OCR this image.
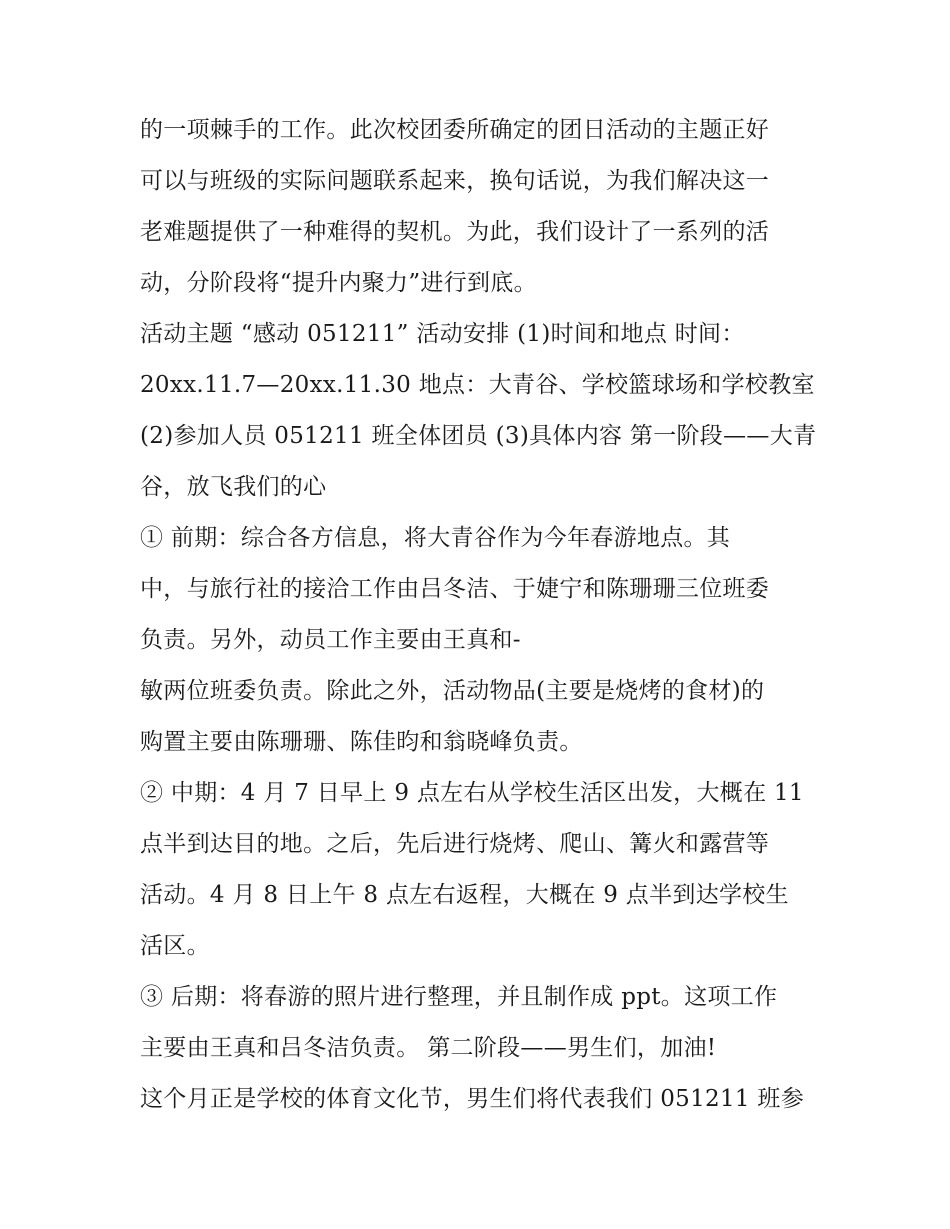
的一项棘手的工作。此次校团委所确定的团日活动的主题正好
可以与班级的实际问题联系起来，换句话说，为我们解决这一
老难题提供了一种难得的契机。为此，我们设计了一系列的活
动，分阶段将“提升内聚力”进行到底。
活动主题 “感动 051211” 活动安排 (1)时间和地点 时间：
20xx.11.7—20xx.11.30 地点：大青谷、学校篮球场和学校教室
(2)参加人员 051211 班全体团员 (3)具体内容 第一阶段——大青
谷，放飞我们的心
① 前期：综合各方信息，将大青谷作为今年春游地点。其
中，与旅行社的接洽工作由吕冬洁、于婕宁和陈珊珊三位班委
负责。另外，动员工作主要由王真和-
敏两位班委负责。除此之外，活动物品(主要是烧烤的食材)的
购置主要由陈珊珊、陈佳昀和翁晓峰负责。
② 中期：4 月 7 日早上 9 点左右从学校生活区出发，大概在 11
点半到达目的地。之后，先后进行烧烤、爬山、篝火和露营等
活动。4 月 8 日上午 8 点左右返程，大概在 9 点半到达学校生
活区。
③ 后期：将春游的照片进行整理，并且制作成 ppt。这项工作
主要由王真和吕冬洁负责。 第二阶段——男生们，加油!
这个月正是学校的体育文化节，男生们将代表我们 051211 班参
